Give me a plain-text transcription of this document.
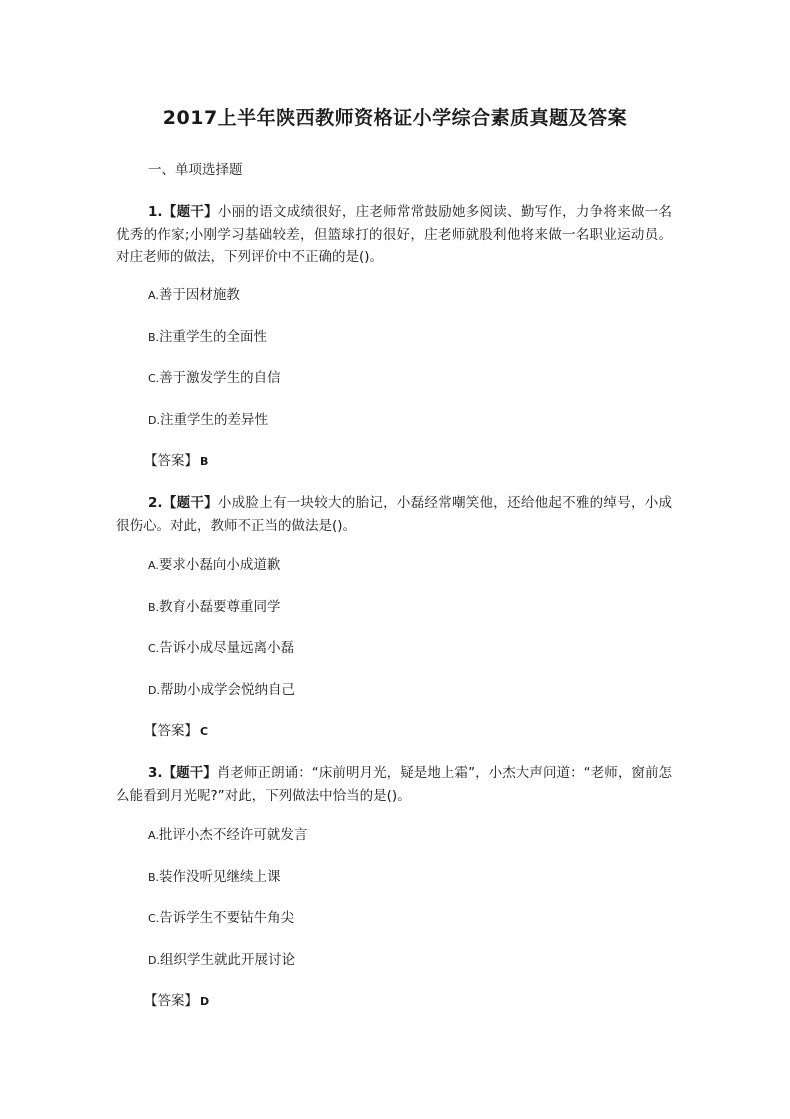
2017上半年陕西教师资格证小学综合素质真题及答案
一、单项选择题
1.【题干】小丽的语文成绩很好，庄老师常常鼓励她多阅读、勤写作，力争将来做一名优秀的作家;小刚学习基础较差，但篮球打的很好，庄老师就股利他将来做一名职业运动员。对庄老师的做法，下列评价中不正确的是()。
A.善于因材施教
B.注重学生的全面性
C.善于激发学生的自信
D.注重学生的差异性
【答案】 B
2.【题干】小成脸上有一块较大的胎记，小磊经常嘲笑他，还给他起不雅的绰号，小成很伤心。对此，教师不正当的做法是()。
A.要求小磊向小成道歉
B.教育小磊要尊重同学
C.告诉小成尽量远离小磊
D.帮助小成学会悦纳自己
【答案】 C
3.【题干】肖老师正朗诵：“床前明月光，疑是地上霜”，小杰大声问道：“老师，窗前怎么能看到月光呢?”对此，下列做法中恰当的是()。
A.批评小杰不经许可就发言
B.装作没听见继续上课
C.告诉学生不要钻牛角尖
D.组织学生就此开展讨论
【答案】 D
